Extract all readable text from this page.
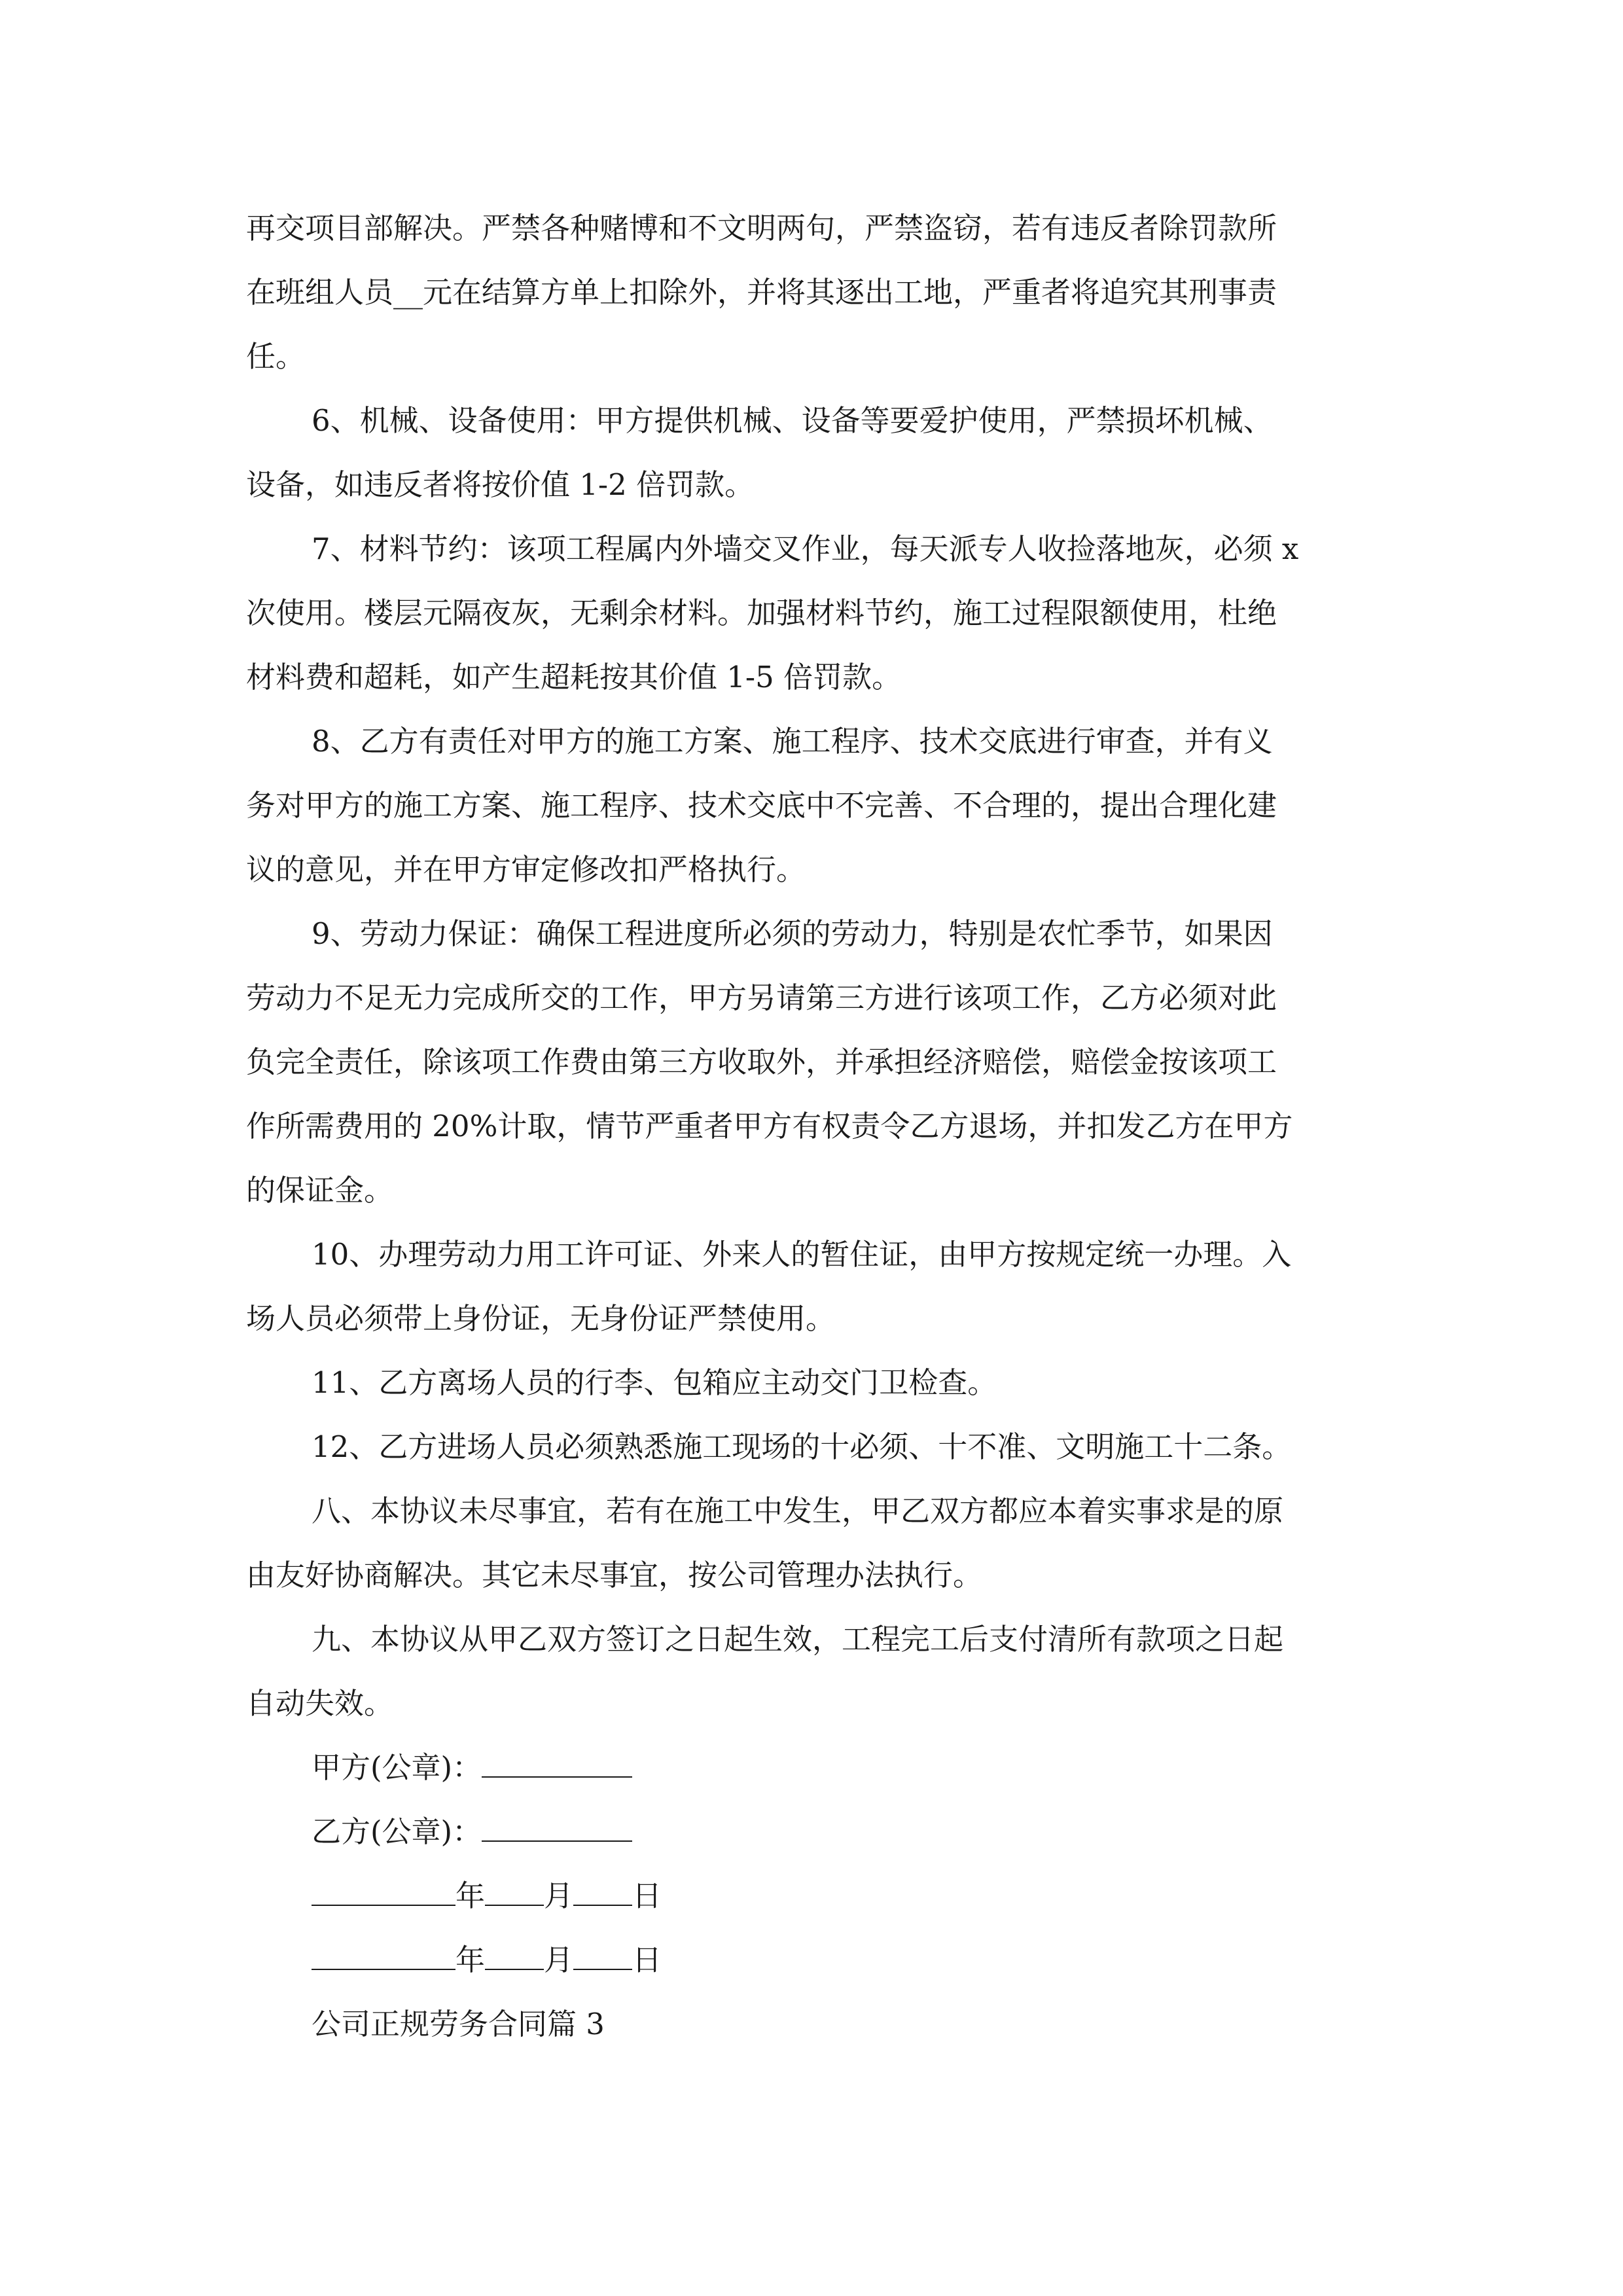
再交项目部解决。严禁各种赌博和不文明两句，严禁盗窃，若有违反者除罚款所
在班组人员__元在结算方单上扣除外，并将其逐出工地，严重者将追究其刑事责
任。

6、机械、设备使用：甲方提供机械、设备等要爱护使用，严禁损坏机械、
设备，如违反者将按价值 1-2 倍罚款。

7、材料节约：该项工程属内外墙交叉作业，每天派专人收捡落地灰，必须 x
次使用。楼层元隔夜灰，无剩余材料。加强材料节约，施工过程限额使用，杜绝
材料费和超耗，如产生超耗按其价值 1-5 倍罚款。

8、乙方有责任对甲方的施工方案、施工程序、技术交底进行审查，并有义
务对甲方的施工方案、施工程序、技术交底中不完善、不合理的，提出合理化建
议的意见，并在甲方审定修改扣严格执行。

9、劳动力保证：确保工程进度所必须的劳动力，特别是农忙季节，如果因
劳动力不足无力完成所交的工作，甲方另请第三方进行该项工作，乙方必须对此
负完全责任，除该项工作费由第三方收取外，并承担经济赔偿，赔偿金按该项工
作所需费用的 20%计取，情节严重者甲方有权责令乙方退场，并扣发乙方在甲方
的保证金。

10、办理劳动力用工许可证、外来人的暂住证，由甲方按规定统一办理。入
场人员必须带上身份证，无身份证严禁使用。

11、乙方离场人员的行李、包箱应主动交门卫检查。

12、乙方进场人员必须熟悉施工现场的十必须、十不准、文明施工十二条。

八、本协议未尽事宜，若有在施工中发生，甲乙双方都应本着实事求是的原
由友好协商解决。其它未尽事宜，按公司管理办法执行。

九、本协议从甲乙双方签订之日起生效，工程完工后支付清所有款项之日起
自动失效。

甲方(公章)：

乙方(公章)：

年 月 日

年 月 日

公司正规劳务合同篇 3
